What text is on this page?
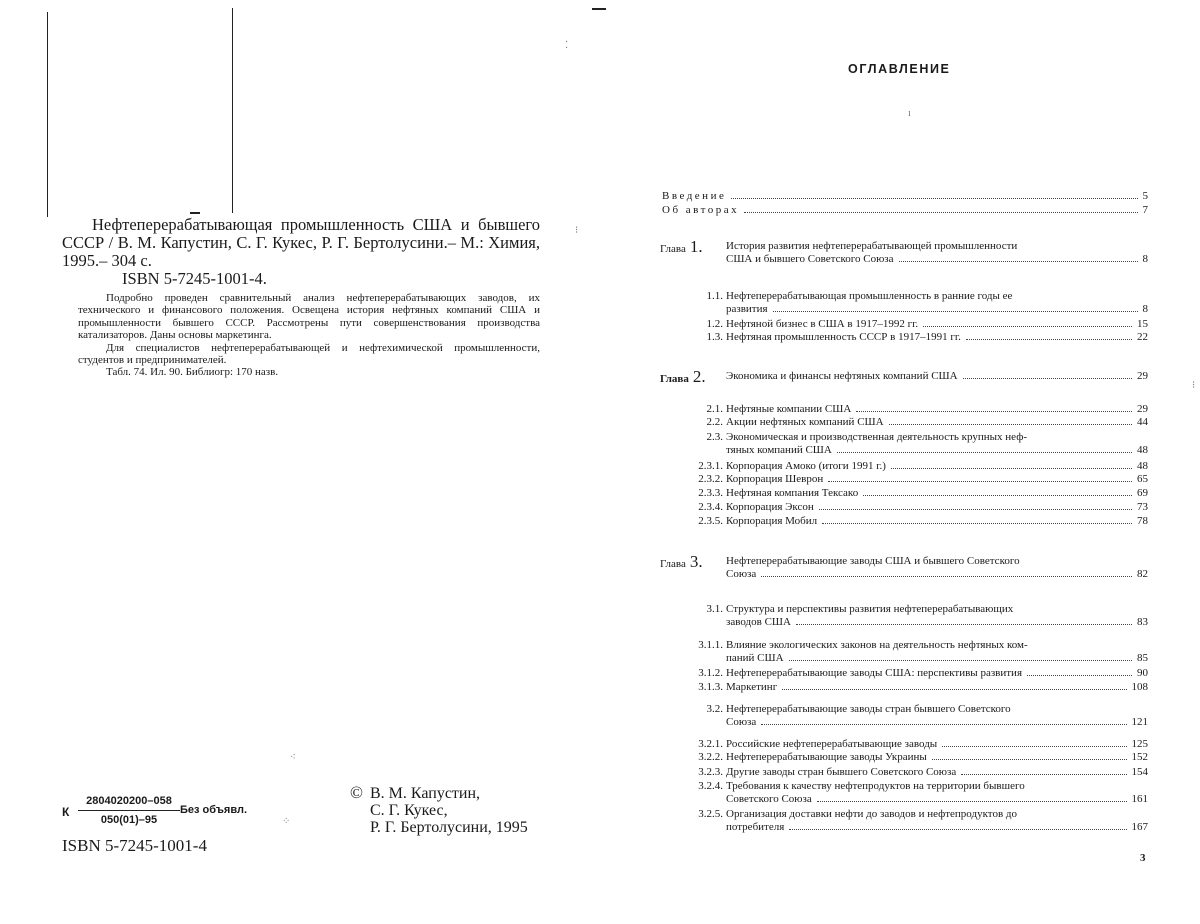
Нефтеперерабатывающая промышленность США и бывшего СССР / В. М. Капустин, С. Г. Кукес, Р. Г. Бертолусини.– М.: Химия, 1995.– 304 с.

ISBN 5-7245-1001-4.

Подробно проведен сравнительный анализ нефтеперерабатывающих заводов, их технического и финансового положения. Освещена история нефтяных компаний США и промышленности бывшего СССР. Рассмотрены пути совершенствования производства катализаторов. Даны основы маркетинга.

Для специалистов нефтеперерабатывающей и нефтехимической промышленности, студентов и предпринимателей.

Табл. 74. Ил. 90. Библиогр: 170 назв.

К $\frac{2804020200-058}{050(01)-95}$ Без объявл.
ISBN 5-7245-1001-4
© В. М. Капустин,
С. Г. Кукес,
Р. Г. Бертолусини, 1995
⁚
⁝
⁖
⁘
ОГЛАВЛЕНИЕ
Введение	5
Об авторах	7
Глава 1. История развития нефтеперерабатывающей промышленности
США и бывшего Советского Союза	8
1.1. Нефтеперерабатывающая промышленность в ранние годы ее
развития	8
1.2. Нефтяной бизнес в США в 1917–1992 гг.	15
1.3. Нефтяная промышленность СССР в 1917–1991 гг.	22
Глава 2. Экономика и финансы нефтяных компаний США	29
2.1. Нефтяные компании США	29
2.2. Акции нефтяных компаний США	44
2.3. Экономическая и производственная деятельность крупных неф-
тяных компаний США	48
2.3.1. Корпорация Амоко (итоги 1991 г.)	48
2.3.2. Корпорация Шеврон	65
2.3.3. Нефтяная компания Тексако	69
2.3.4. Корпорация Эксон	73
2.3.5. Корпорация Мобил	78
Глава 3. Нефтеперерабатывающие заводы США и бывшего Советского
Союза	82
3.1. Структура и перспективы развития нефтеперерабатывающих
заводов США	83
3.1.1. Влияние экологических законов на деятельность нефтяных ком-
паний США	85
3.1.2. Нефтеперерабатывающие заводы США: перспективы развития	90
3.1.3. Маркетинг	108
3.2. Нефтеперерабатывающие заводы стран бывшего Советского
Союза	121
3.2.1. Российские нефтеперерабатывающие заводы	125
3.2.2. Нефтеперерабатывающие заводы Украины	152
3.2.3. Другие заводы стран бывшего Советского Союза	154
3.2.4. Требования к качеству нефтепродуктов на территории бывшего
Советского Союза	161
3.2.5. Организация доставки нефти до заводов и нефтепродуктов до
потребителя	167
3
ı
⁝
